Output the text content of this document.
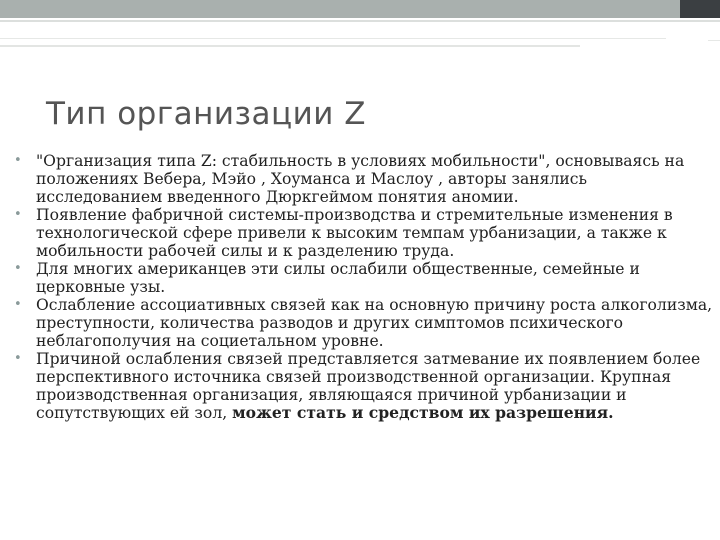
Тип организации Z
• "Организация типа Z: стабильность в условиях мобильности", основываясь на положениях Вебера, Мэйо , Хоуманса и Маслоу , авторы занялись исследованием введенного Дюркгеймом понятия аномии.
• Появление фабричной системы-производства и стремительные изменения в технологической сфере привели к высоким темпам урбанизации, а также к мобильности рабочей силы и к разделению труда.
• Для многих американцев эти силы ослабили общественные, семейные и церковные узы.
• Ослабление ассоциативных связей как на основную причину роста алкоголизма, преступности, количества разводов и других симптомов психического неблагополучия на социетальном уровне.
• Причиной ослабления связей представляется затмевание их появлением более перспективного источника связей производственной организации. Крупная производственная организация, являющаяся причиной урбанизации и сопутствующих ей зол, может стать и средством их разрешения.
